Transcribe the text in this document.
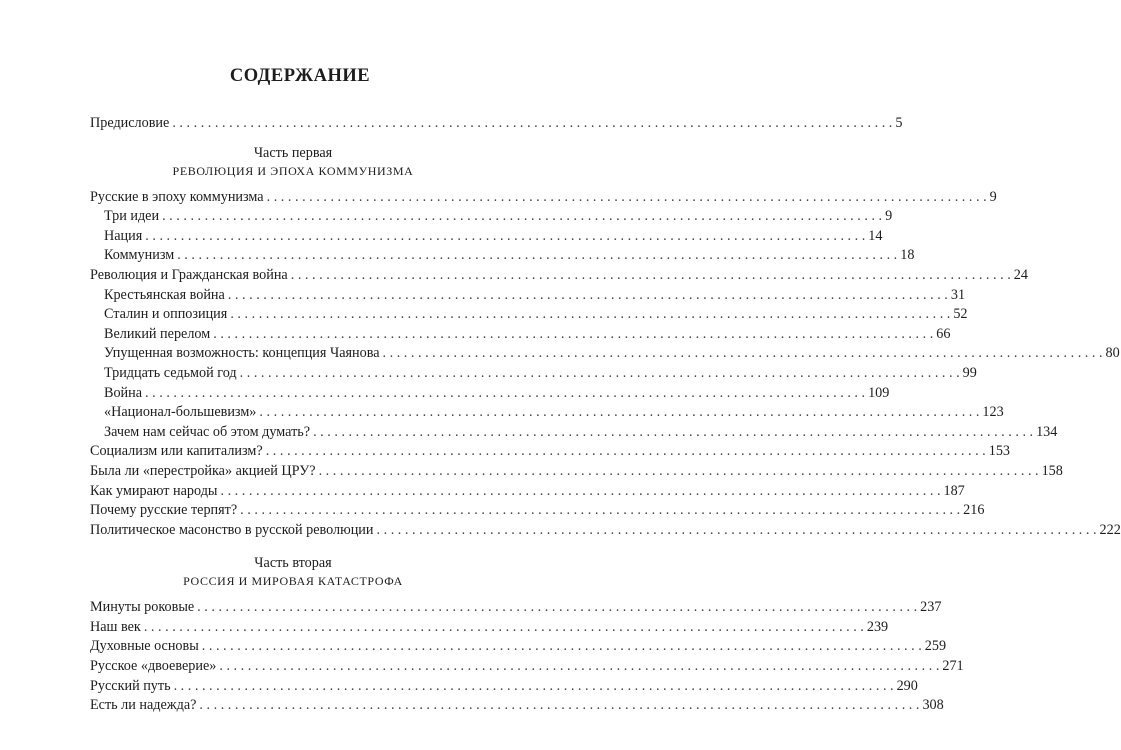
СОДЕРЖАНИЕ
Предисловие . . .	5
Часть первая
РЕВОЛЮЦИЯ И ЭПОХА КОММУНИЗМА
Русские в эпоху коммунизма . . .	9
Три идеи . . .	9
Нация . . .	14
Коммунизм . . .	18
Революция и Гражданская война . . .	24
Крестьянская война . . .	31
Сталин и оппозиция . . .	52
Великий перелом . . .	66
Упущенная возможность: концепция Чаянова . . .	80
Тридцать седьмой год . . .	99
Война . . .	109
«Национал-большевизм» . . .	123
Зачем нам сейчас об этом думать? . . .	134
Социализм или капитализм? . . .	153
Была ли «перестройка» акцией ЦРУ? . . .	158
Как умирают народы . . .	187
Почему русские терпят? . . .	216
Политическое масонство в русской революции . . .	222
Часть вторая
РОССИЯ И МИРОВАЯ КАТАСТРОФА
Минуты роковые . . .	237
Наш век . . .	239
Духовные основы . . .	259
Русское «двоеверие» . . .	271
Русский путь . . .	290
Есть ли надежда? . . .	308
